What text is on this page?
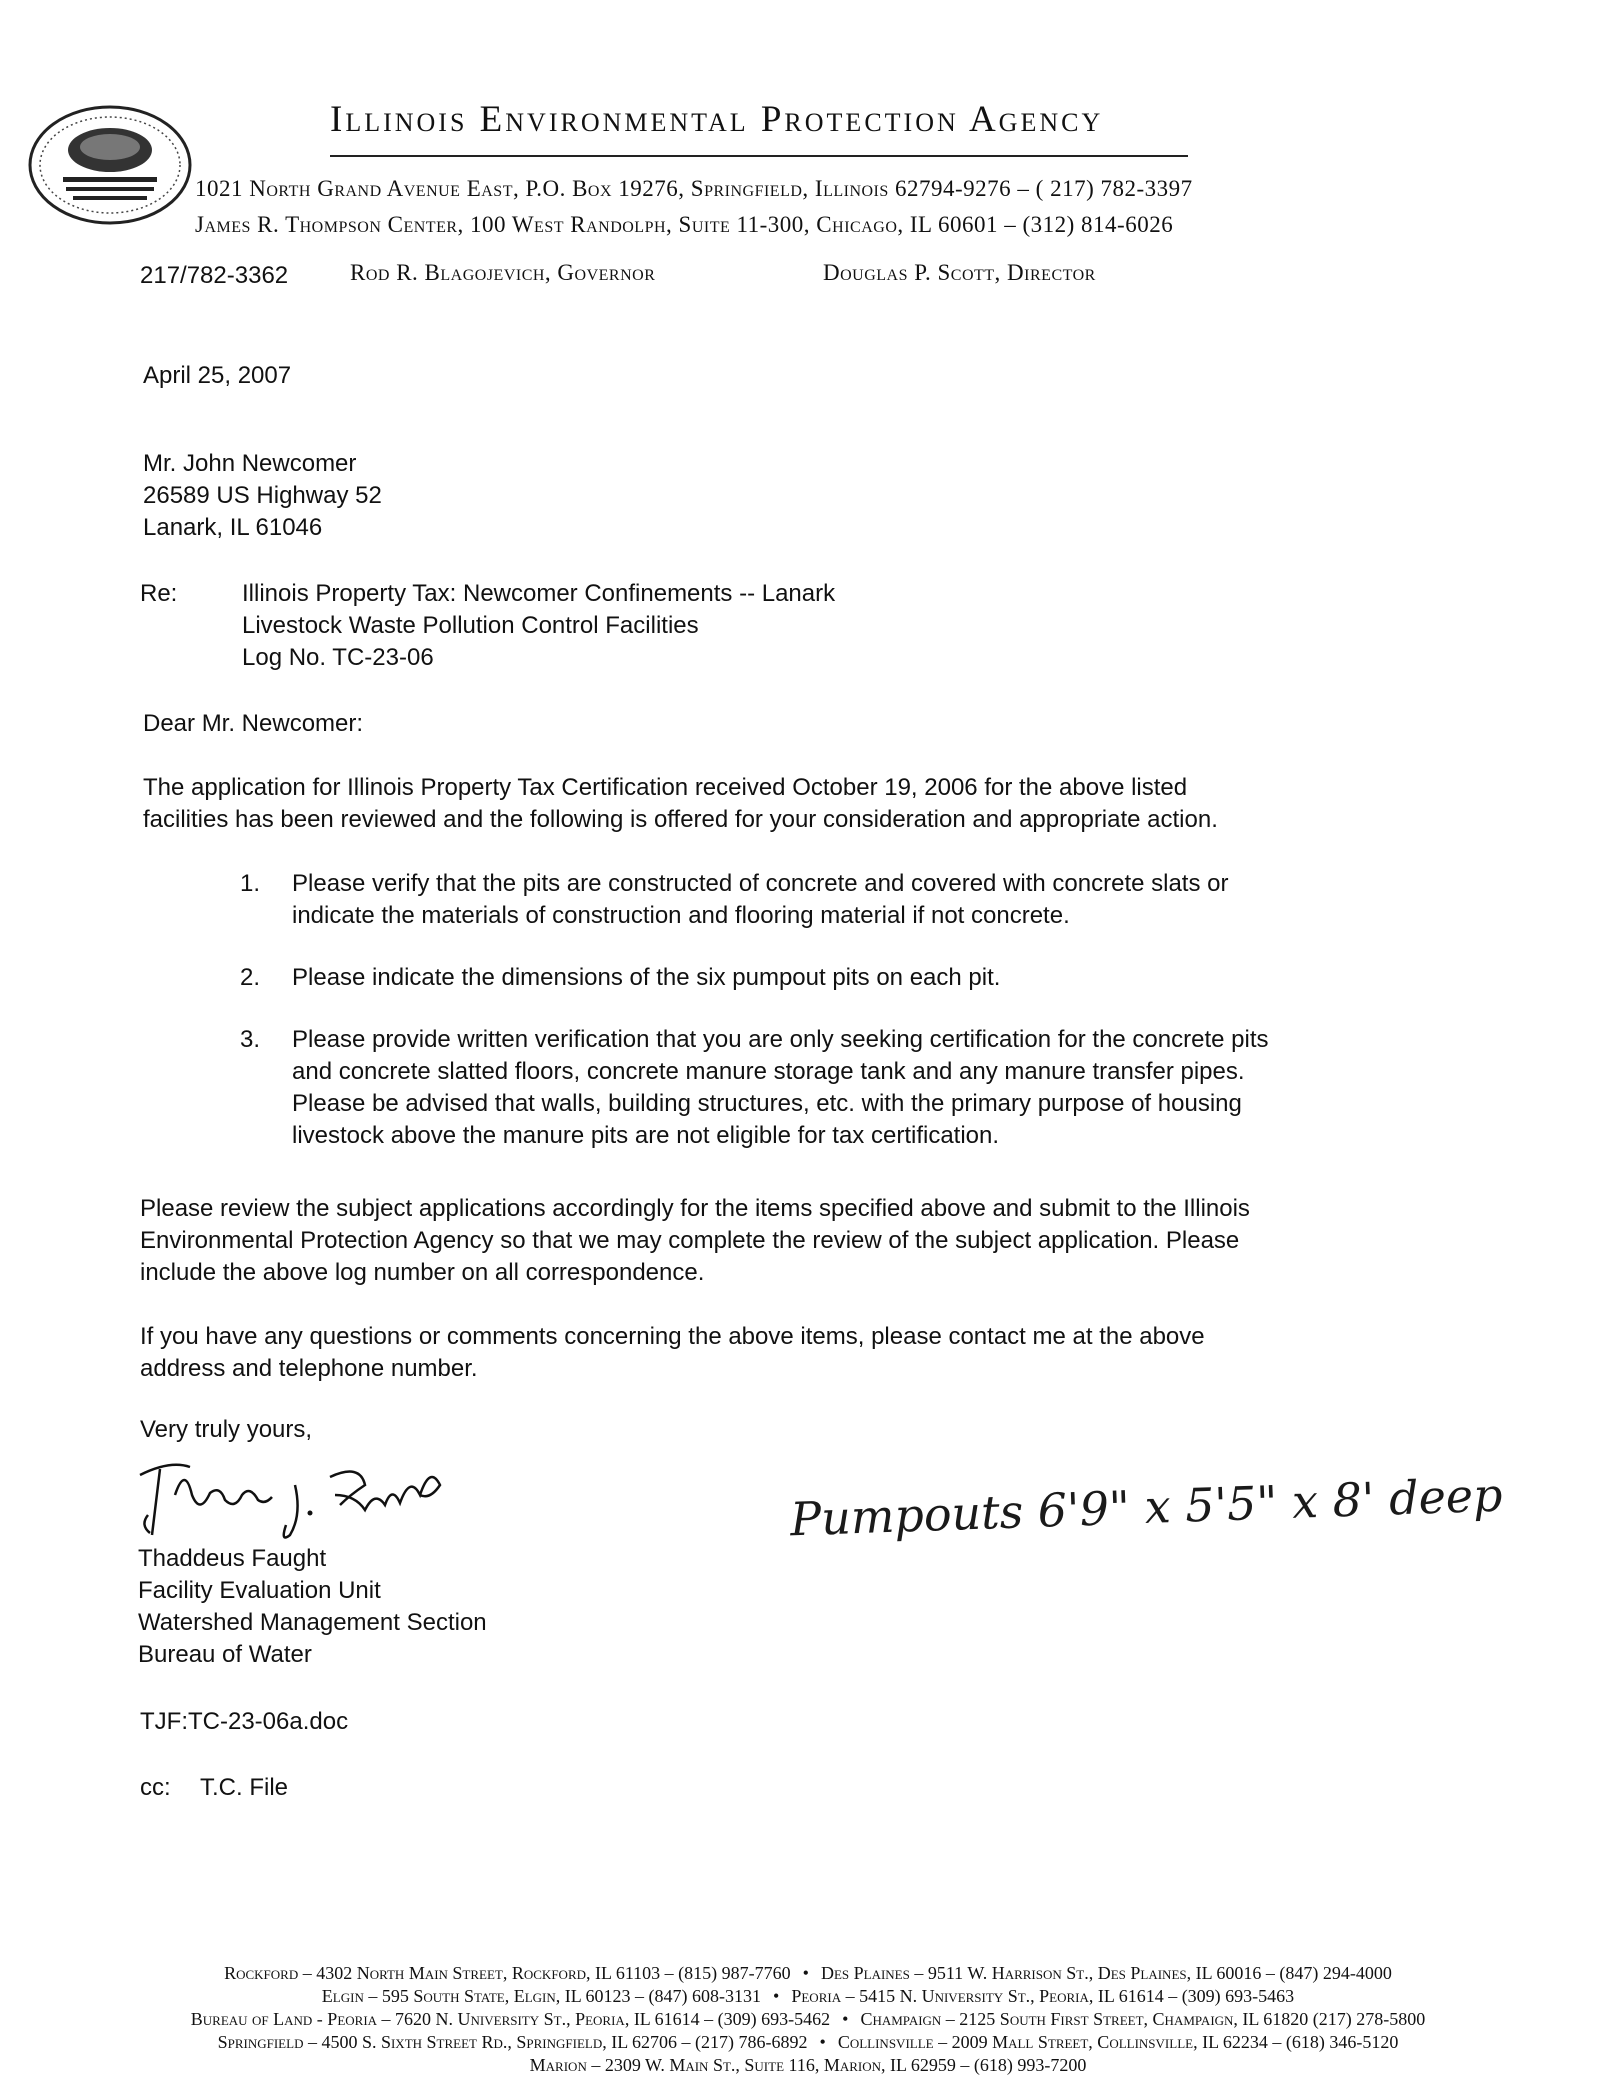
Illinois Environmental Protection Agency
1021 North Grand Avenue East, P.O. Box 19276, Springfield, Illinois 62794-9276 – ( 217) 782-3397
James R. Thompson Center, 100 West Randolph, Suite 11-300, Chicago, IL 60601 – (312) 814-6026
217/782-3362	Rod R. Blagojevich, Governor	Douglas P. Scott, Director
April 25, 2007
Mr. John Newcomer
26589 US Highway 52
Lanark, IL 61046
Re:	Illinois Property Tax: Newcomer Confinements -- Lanark
Livestock Waste Pollution Control Facilities
Log No. TC-23-06
Dear Mr. Newcomer:
The application for Illinois Property Tax Certification received October 19, 2006 for the above listed
facilities has been reviewed and the following is offered for your consideration and appropriate action.
1. Please verify that the pits are constructed of concrete and covered with concrete slats or
indicate the materials of construction and flooring material if not concrete.
2. Please indicate the dimensions of the six pumpout pits on each pit.
3. Please provide written verification that you are only seeking certification for the concrete pits
and concrete slatted floors, concrete manure storage tank and any manure transfer pipes.
Please be advised that walls, building structures, etc. with the primary purpose of housing
livestock above the manure pits are not eligible for tax certification.
Please review the subject applications accordingly for the items specified above and submit to the Illinois
Environmental Protection Agency so that we may complete the review of the subject application. Please
include the above log number on all correspondence.
If you have any questions or comments concerning the above items, please contact me at the above
address and telephone number.
Very truly yours,
Thaddeus Faught
Facility Evaluation Unit
Watershed Management Section
Bureau of Water
TJF:TC-23-06a.doc
cc: T.C. File
Pumpouts 6'9" x 5'5" x 8' deep
Rockford – 4302 North Main Street, Rockford, IL 61103 – (815) 987-7760 • Des Plaines – 9511 W. Harrison St., Des Plaines, IL 60016 – (847) 294-4000
Elgin – 595 South State, Elgin, IL 60123 – (847) 608-3131 • Peoria – 5415 N. University St., Peoria, IL 61614 – (309) 693-5463
Bureau of Land - Peoria – 7620 N. University St., Peoria, IL 61614 – (309) 693-5462 • Champaign – 2125 South First Street, Champaign, IL 61820 (217) 278-5800
Springfield – 4500 S. Sixth Street Rd., Springfield, IL 62706 – (217) 786-6892 • Collinsville – 2009 Mall Street, Collinsville, IL 62234 – (618) 346-5120
Marion – 2309 W. Main St., Suite 116, Marion, IL 62959 – (618) 993-7200
